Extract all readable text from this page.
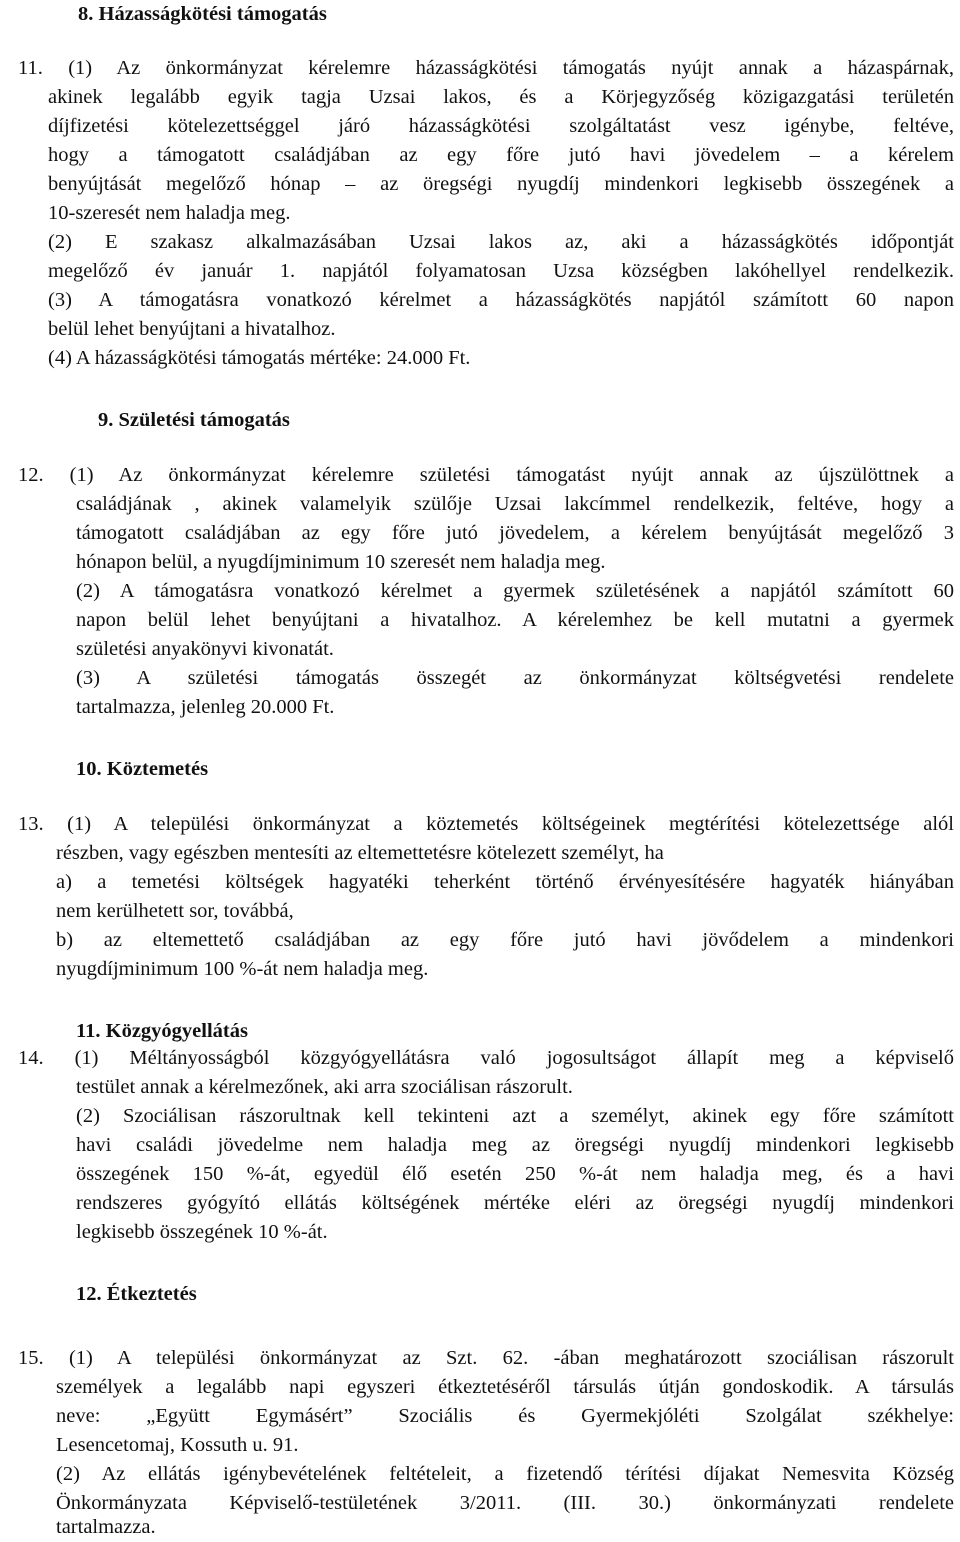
8. Házasságkötési támogatás
11. (1) Az önkormányzat kérelemre házasságkötési támogatás nyújt annak a házaspárnak,
akinek legalább egyik tagja Uzsai lakos, és a Körjegyzőség közigazgatási területén
díjfizetési kötelezettséggel járó házasságkötési szolgáltatást vesz igénybe, feltéve,
hogy a támogatott családjában az egy főre jutó havi jövedelem – a kérelem
benyújtását megelőző hónap – az öregségi nyugdíj mindenkori legkisebb összegének a
10-szeresét nem haladja meg.
(2) E szakasz alkalmazásában Uzsai lakos az, aki a házasságkötés időpontját
megelőző év január 1. napjától folyamatosan Uzsa községben lakóhellyel rendelkezik.
(3) A támogatásra vonatkozó kérelmet a házasságkötés napjától számított 60 napon
belül lehet benyújtani a hivatalhoz.
(4) A házasságkötési támogatás mértéke: 24.000 Ft.
9. Születési támogatás
12. (1) Az önkormányzat kérelemre születési támogatást nyújt annak az újszülöttnek a
családjának , akinek valamelyik szülője Uzsai lakcímmel rendelkezik, feltéve, hogy a
támogatott családjában az egy főre jutó jövedelem, a kérelem benyújtását megelőző 3
hónapon belül, a nyugdíjminimum 10 szeresét nem haladja meg.
(2) A támogatásra vonatkozó kérelmet a gyermek születésének a napjától számított 60
napon belül lehet benyújtani a hivatalhoz. A kérelemhez be kell mutatni a gyermek
születési anyakönyvi kivonatát.
(3) A születési támogatás összegét az önkormányzat költségvetési rendelete
tartalmazza, jelenleg 20.000 Ft.
10. Köztemetés
13. (1) A települési önkormányzat a köztemetés költségeinek megtérítési kötelezettsége alól
részben, vagy egészben mentesíti az eltemettetésre kötelezett személyt, ha
a) a temetési költségek hagyatéki teherként történő érvényesítésére hagyaték hiányában
nem kerülhetett sor, továbbá,
b) az eltemettető családjában az egy főre jutó havi jövődelem a mindenkori
nyugdíjminimum 100 %-át nem haladja meg.
11. Közgyógyellátás
14. (1) Méltányosságból közgyógyellátásra való jogosultságot állapít meg a képviselő
testület annak a kérelmezőnek, aki arra szociálisan rászorult.
(2) Szociálisan rászorultnak kell tekinteni azt a személyt, akinek egy főre számított
havi családi jövedelme nem haladja meg az öregségi nyugdíj mindenkori legkisebb
összegének 150 %-át, egyedül élő esetén 250 %-át nem haladja meg, és a havi
rendszeres gyógyító ellátás költségének mértéke eléri az öregségi nyugdíj mindenkori
legkisebb összegének 10 %-át.
12. Étkeztetés
15. (1) A települési önkormányzat az Szt. 62. -ában meghatározott szociálisan rászorult
személyek a legalább napi egyszeri étkeztetéséről társulás útján gondoskodik. A társulás
neve: „Együtt Egymásért” Szociális és Gyermekjóléti Szolgálat székhelye:
Lesencetomaj, Kossuth u. 91.
(2) Az ellátás igénybevételének feltételeit, a fizetendő térítési díjakat Nemesvita Község
Önkormányzata Képviselő-testületének 3/2011. (III. 30.) önkormányzati rendelete
tartalmazza.
